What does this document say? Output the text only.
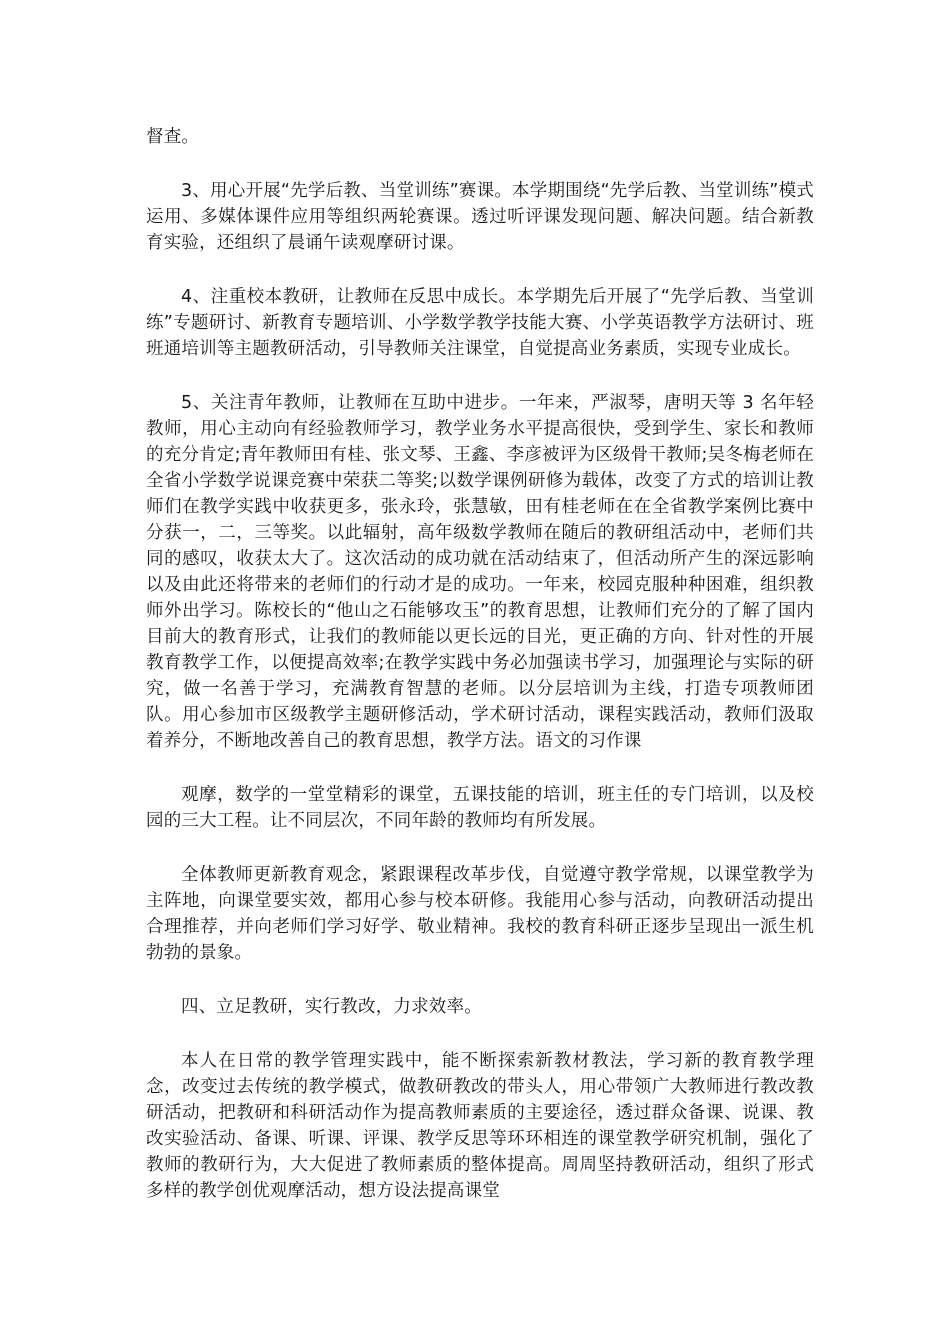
督查。

3、用心开展“先学后教、当堂训练”赛课。本学期围绕“先学后教、当堂训练”模式运用、多媒体课件应用等组织两轮赛课。透过听评课发现问题、解决问题。结合新教育实验，还组织了晨诵午读观摩研讨课。

4、注重校本教研，让教师在反思中成长。本学期先后开展了“先学后教、当堂训练”专题研讨、新教育专题培训、小学数学教学技能大赛、小学英语教学方法研讨、班班通培训等主题教研活动，引导教师关注课堂，自觉提高业务素质，实现专业成长。

5、关注青年教师，让教师在互助中进步。一年来，严淑琴，唐明天等 3 名年轻教师，用心主动向有经验教师学习，教学业务水平提高很快，受到学生、家长和教师的充分肯定;青年教师田有桂、张文琴、王鑫、李彦被评为区级骨干教师;吴冬梅老师在全省小学数学说课竞赛中荣获二等奖;以数学课例研修为载体，改变了方式的培训让教师们在教学实践中收获更多，张永玲，张慧敏，田有桂老师在在全省教学案例比赛中分获一，二，三等奖。以此辐射，高年级数学教师在随后的教研组活动中，老师们共同的感叹，收获太大了。这次活动的成功就在活动结束了，但活动所产生的深远影响以及由此还将带来的老师们的行动才是的成功。一年来，校园克服种种困难，组织教师外出学习。陈校长的“他山之石能够攻玉”的教育思想，让教师们充分的了解了国内目前大的教育形式，让我们的教师能以更长远的目光，更正确的方向、针对性的开展教育教学工作，以便提高效率;在教学实践中务必加强读书学习，加强理论与实际的研究，做一名善于学习，充满教育智慧的老师。以分层培训为主线，打造专项教师团队。用心参加市区级教学主题研修活动，学术研讨活动，课程实践活动，教师们汲取着养分，不断地改善自己的教育思想，教学方法。语文的习作课

观摩，数学的一堂堂精彩的课堂，五课技能的培训，班主任的专门培训，以及校园的三大工程。让不同层次，不同年龄的教师均有所发展。

全体教师更新教育观念，紧跟课程改革步伐，自觉遵守教学常规，以课堂教学为主阵地，向课堂要实效，都用心参与校本研修。我能用心参与活动，向教研活动提出合理推荐，并向老师们学习好学、敬业精神。我校的教育科研正逐步呈现出一派生机勃勃的景象。

四、立足教研，实行教改，力求效率。

本人在日常的教学管理实践中，能不断探索新教材教法，学习新的教育教学理念，改变过去传统的教学模式，做教研教改的带头人，用心带领广大教师进行教改教研活动，把教研和科研活动作为提高教师素质的主要途径，透过群众备课、说课、教改实验活动、备课、听课、评课、教学反思等环环相连的课堂教学研究机制，强化了教师的教研行为，大大促进了教师素质的整体提高。周周坚持教研活动，组织了形式多样的教学创优观摩活动，想方设法提高课堂
